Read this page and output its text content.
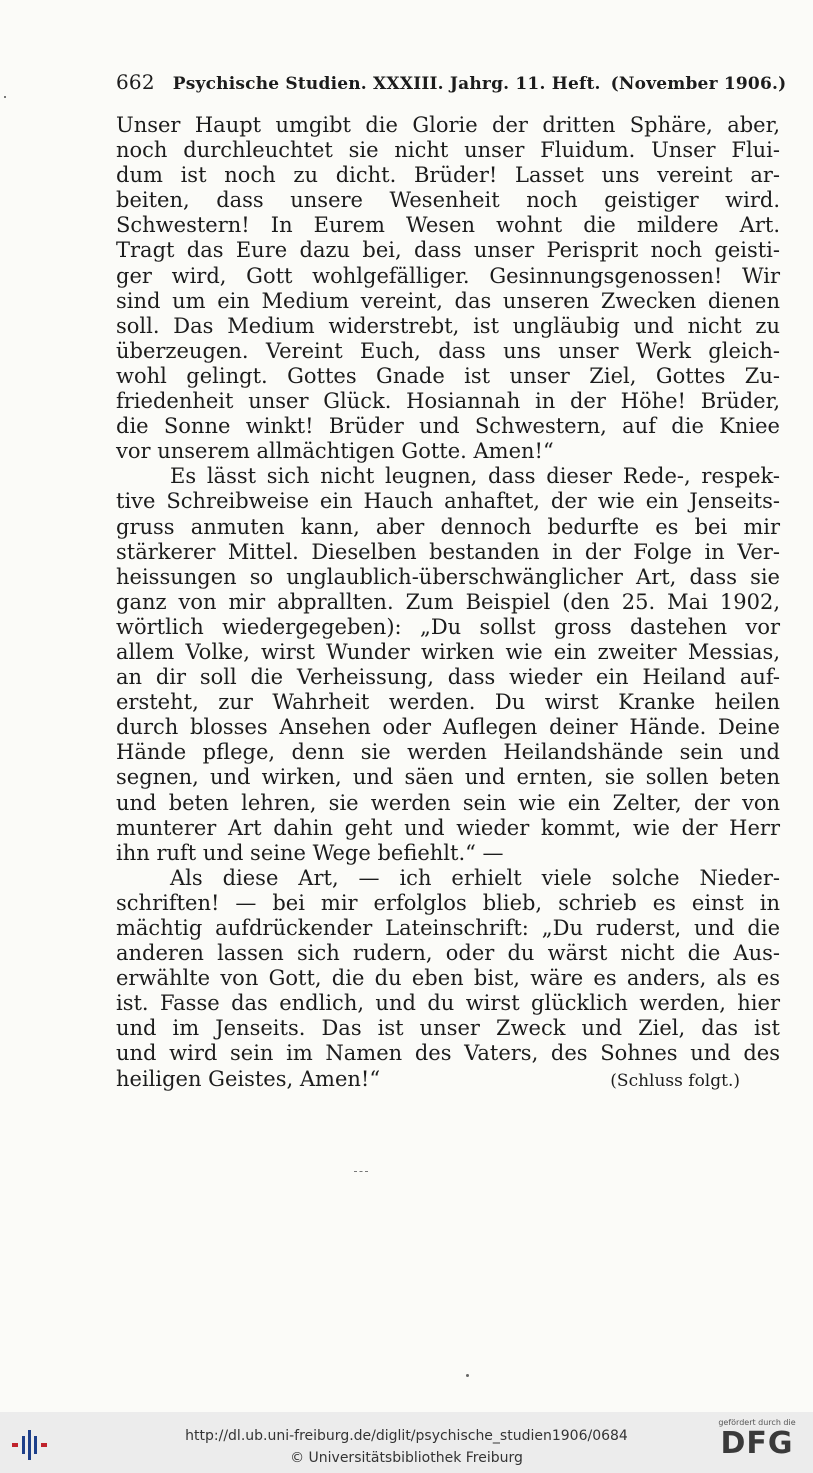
662 Psychische Studien. XXXIII. Jahrg. 11. Heft. (November 1906.)
Unser Haupt umgibt die Glorie der dritten Sphäre, aber,
noch durchleuchtet sie nicht unser Fluidum. Unser Flui-
dum ist noch zu dicht. Brüder! Lasset uns vereint ar-
beiten, dass unsere Wesenheit noch geistiger wird.
Schwestern! In Eurem Wesen wohnt die mildere Art.
Tragt das Eure dazu bei, dass unser Perisprit noch geisti-
ger wird, Gott wohlgefälliger. Gesinnungsgenossen! Wir
sind um ein Medium vereint, das unseren Zwecken dienen
soll. Das Medium widerstrebt, ist ungläubig und nicht zu
überzeugen. Vereint Euch, dass uns unser Werk gleich-
wohl gelingt. Gottes Gnade ist unser Ziel, Gottes Zu-
friedenheit unser Glück. Hosiannah in der Höhe! Brüder,
die Sonne winkt! Brüder und Schwestern, auf die Kniee
vor unserem allmächtigen Gotte. Amen!“
Es lässt sich nicht leugnen, dass dieser Rede-, respek-
tive Schreibweise ein Hauch anhaftet, der wie ein Jenseits-
gruss anmuten kann, aber dennoch bedurfte es bei mir
stärkerer Mittel. Dieselben bestanden in der Folge in Ver-
heissungen so unglaublich-überschwänglicher Art, dass sie
ganz von mir abprallten. Zum Beispiel (den 25. Mai 1902,
wörtlich wiedergegeben): „Du sollst gross dastehen vor
allem Volke, wirst Wunder wirken wie ein zweiter Messias,
an dir soll die Verheissung, dass wieder ein Heiland auf-
ersteht, zur Wahrheit werden. Du wirst Kranke heilen
durch blosses Ansehen oder Auflegen deiner Hände. Deine
Hände pflege, denn sie werden Heilandshände sein und
segnen, und wirken, und säen und ernten, sie sollen beten
und beten lehren, sie werden sein wie ein Zelter, der von
munterer Art dahin geht und wieder kommt, wie der Herr
ihn ruft und seine Wege befiehlt.“ —
Als diese Art, — ich erhielt viele solche Nieder-
schriften! — bei mir erfolglos blieb, schrieb es einst in
mächtig aufdrückender Lateinschrift: „Du ruderst, und die
anderen lassen sich rudern, oder du wärst nicht die Aus-
erwählte von Gott, die du eben bist, wäre es anders, als es
ist. Fasse das endlich, und du wirst glücklich werden, hier
und im Jenseits. Das ist unser Zweck und Ziel, das ist
und wird sein im Namen des Vaters, des Sohnes und des
heiligen Geistes, Amen!“	(Schluss folgt.)
http://dl.ub.uni-freiburg.de/diglit/psychische_studien1906/0684
© Universitätsbibliothek Freiburg
gefördert durch die
DFG
